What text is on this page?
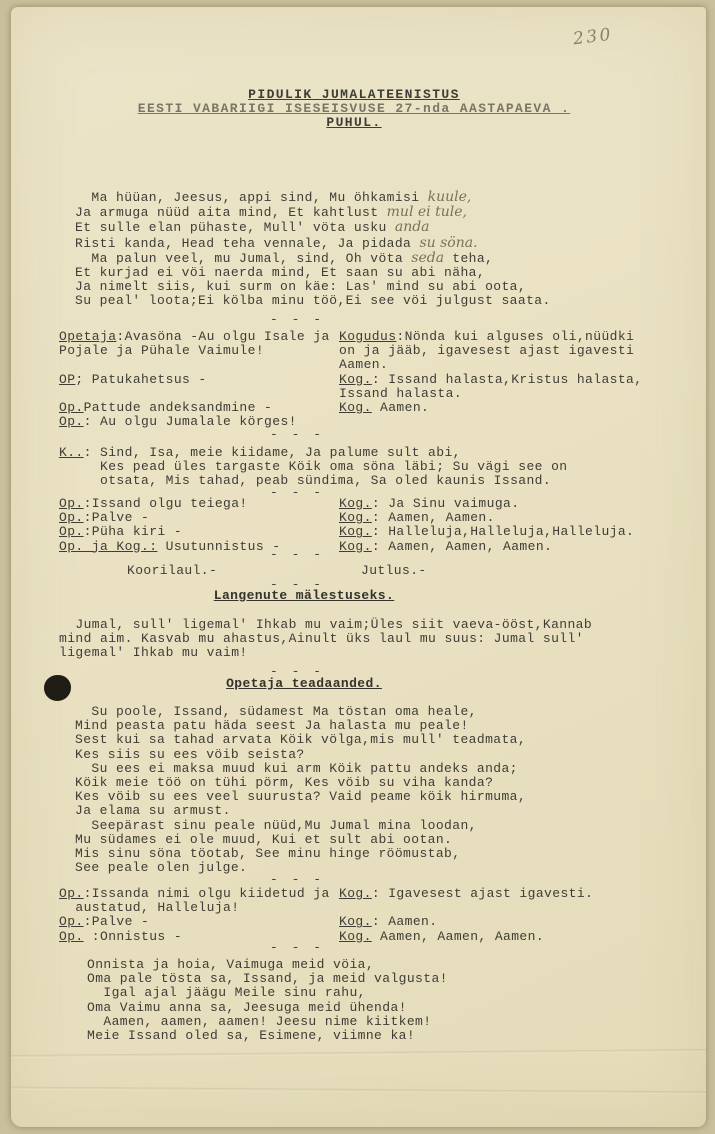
230
PIDULIK JUMALATEENISTUS
EESTI VABARIIGI ISESEISVUSE 27-nda AASTAPAEVA .
PUHUL.
Ma hüüan, Jeesus, appi sind, Mu öhkamisi kuule,
Ja armuga nüüd aita mind, Et kahtlust mul ei tule,
Et sulle elan pühaste, Mull' vöta usku anda
Risti kanda, Head teha vennale, Ja pidada su söna.
Ma palun veel, mu Jumal, sind, Oh vöta seda teha,
Et kurjad ei vöi naerda mind, Et saan su abi näha,
Ja nimelt siis, kui surm on käe: Las' mind su abi oota,
Su peal' loota;Ei kölba minu töö,Ei see vöi julgust saata.
- - -
Opetaja:Avasöna -Au olgu Isale ja Kogudus:Nönda kui alguses oli,nüüdki
Pojale ja Pühale Vaimule!	on ja jääb, igavesest ajast igavesti
Aamen.
OP; Patukahetsus -	Kog.: Issand halasta,Kristus halasta,
Issand halasta.
Op.Pattude andeksandmine -	Kog. Aamen.
Op.: Au olgu Jumalale körges!
- - -
K..: Sind, Isa, meie kiidame, Ja palume sult abi,
Kes pead üles targaste Köik oma söna läbi; Su vägi see on
otsata, Mis tahad, peab sündima, Sa oled kaunis Issand.
- - -
Op.:Issand olgu teiega!	Kog.: Ja Sinu vaimuga.
Op.:Palve -	Kog.: Aamen, Aamen.
Op.:Püha kiri -	Kog.: Halleluja,Halleluja,Halleluja.
Op. ja Kog.: Usutunnistus -	Kog.: Aamen, Aamen, Aamen.
- - -
Koorilaul.-	Jutlus.-
- - -
Langenute mälestuseks.
Jumal, sull' ligemal' Ihkab mu vaim;Üles siit vaeva-ööst,Kannab
mind aim. Kasvab mu ahastus,Ainult üks laul mu suus: Jumal sull'
ligemal' Ihkab mu vaim!
- - -
Opetaja teadaanded.
Su poole, Issand, südamest Ma töstan oma heale,
Mind peasta patu häda seest Ja halasta mu peale!
Sest kui sa tahad arvata Köik völga,mis mull' teadmata,
Kes siis su ees vöib seista?
Su ees ei maksa muud kui arm Köik pattu andeks anda;
Köik meie töö on tühi pörm, Kes vöib su viha kanda?
Kes vöib su ees veel suurusta? Vaid peame köik hirmuma,
Ja elama su armust.
Seepärast sinu peale nüüd,Mu Jumal mina loodan,
Mu südames ei ole muud, Kui et sult abi ootan.
Mis sinu söna töotab, See minu hinge röömustab,
See peale olen julge.
- - -
Op.:Issanda nimi olgu kiidetud ja Kog.: Igavesest ajast igavesti.
austatud, Halleluja!
Op.:Palve -	Kog.: Aamen.
Op. :Onnistus -	Kog. Aamen, Aamen, Aamen.
- - -
Onnista ja hoia, Vaimuga meid vöia,
Oma pale tösta sa, Issand, ja meid valgusta!
Igal ajal jäägu Meile sinu rahu,
Oma Vaimu anna sa, Jeesuga meid ühenda!
Aamen, aamen, aamen! Jeesu nime kiitkem!
Meie Issand oled sa, Esimene, viimne ka!
